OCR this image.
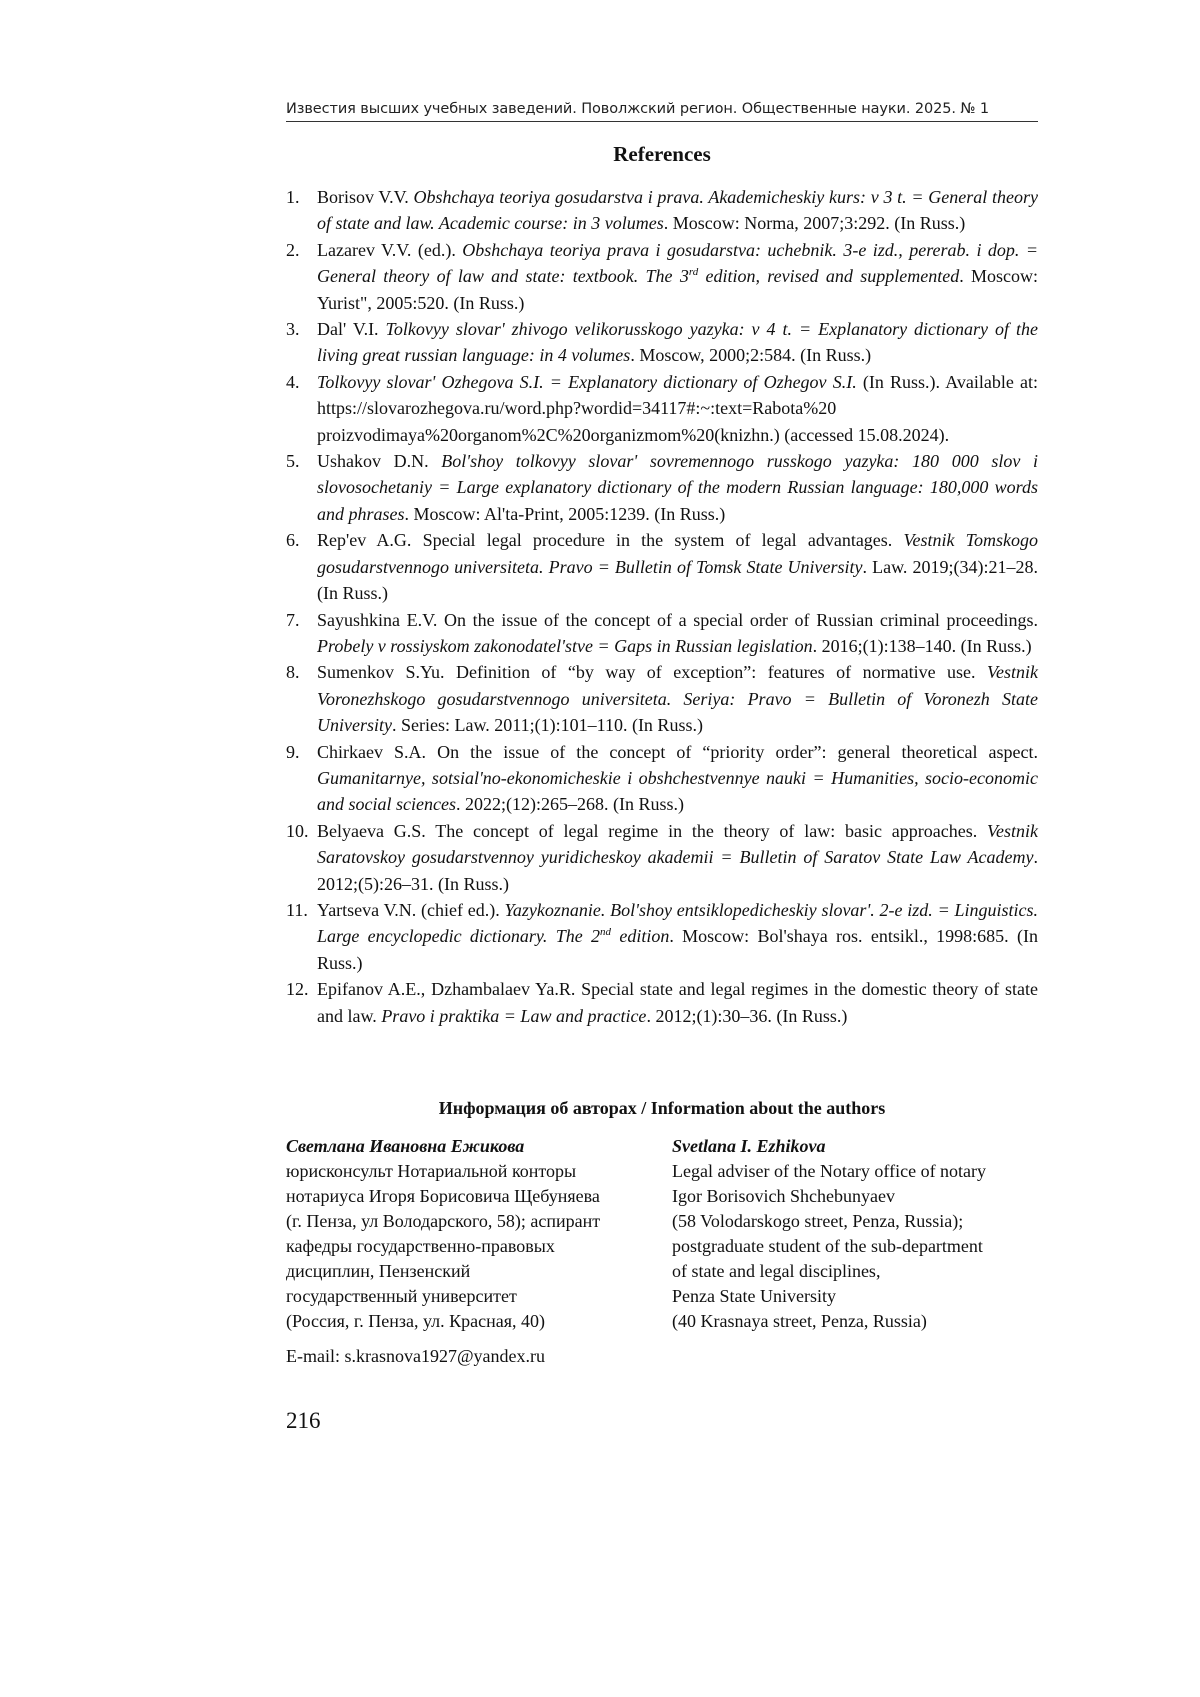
Известия высших учебных заведений. Поволжский регион. Общественные науки. 2025. № 1
References
1. Borisov V.V. Obshchaya teoriya gosudarstva i prava. Akademicheskiy kurs: v 3 t. = General theory of state and law. Academic course: in 3 volumes. Moscow: Norma, 2007;3:292. (In Russ.)
2. Lazarev V.V. (ed.). Obshchaya teoriya prava i gosudarstva: uchebnik. 3-e izd., pererab. i dop. = General theory of law and state: textbook. The 3rd edition, revised and supplemented. Moscow: Yurist", 2005:520. (In Russ.)
3. Dal' V.I. Tolkovyy slovar' zhivogo velikorusskogo yazyka: v 4 t. = Explanatory dictionary of the living great russian language: in 4 volumes. Moscow, 2000;2:584. (In Russ.)
4. Tolkovyy slovar' Ozhegova S.I. = Explanatory dictionary of Ozhegov S.I. (In Russ.). Available at: https://slovarozhegova.ru/word.php?wordid=34117#:~:text=Rabota%20 proizvodimaya%20organom%2C%20organizmom%20(knizhn.) (accessed 15.08.2024).
5. Ushakov D.N. Bol'shoy tolkovyy slovar' sovremennogo russkogo yazyka: 180 000 slov i slovosochetaniy = Large explanatory dictionary of the modern Russian language: 180,000 words and phrases. Moscow: Al'ta-Print, 2005:1239. (In Russ.)
6. Rep'ev A.G. Special legal procedure in the system of legal advantages. Vestnik Tomskogo gosudarstvennogo universiteta. Pravo = Bulletin of Tomsk State University. Law. 2019;(34):21–28. (In Russ.)
7. Sayushkina E.V. On the issue of the concept of a special order of Russian criminal proceedings. Probely v rossiyskom zakonodatel'stve = Gaps in Russian legislation. 2016;(1):138–140. (In Russ.)
8. Sumenkov S.Yu. Definition of “by way of exception”: features of normative use. Vestnik Voronezhskogo gosudarstvennogo universiteta. Seriya: Pravo = Bulletin of Voronezh State University. Series: Law. 2011;(1):101–110. (In Russ.)
9. Chirkaev S.A. On the issue of the concept of “priority order”: general theoretical aspect. Gumanitarnye, sotsial'no-ekonomicheskie i obshchestvennye nauki = Humanities, socio-economic and social sciences. 2022;(12):265–268. (In Russ.)
10. Belyaeva G.S. The concept of legal regime in the theory of law: basic approaches. Vestnik Saratovskoy gosudarstvennoy yuridicheskoy akademii = Bulletin of Saratov State Law Academy. 2012;(5):26–31. (In Russ.)
11. Yartseva V.N. (chief ed.). Yazykoznanie. Bol'shoy entsiklopedicheskiy slovar'. 2-e izd. = Linguistics. Large encyclopedic dictionary. The 2nd edition. Moscow: Bol'shaya ros. entsikl., 1998:685. (In Russ.)
12. Epifanov A.E., Dzhambalaev Ya.R. Special state and legal regimes in the domestic theory of state and law. Pravo i praktika = Law and practice. 2012;(1):30–36. (In Russ.)
Информация об авторах / Information about the authors
Светлана Ивановна Ежикова
юрисконсульт Нотариальной конторы
нотариуса Игоря Борисовича Щебуняева
(г. Пенза, ул Володарского, 58); аспирант
кафедры государственно-правовых
дисциплин, Пензенский
государственный университет
(Россия, г. Пенза, ул. Красная, 40)
Svetlana I. Ezhikova
Legal adviser of the Notary office of notary
Igor Borisovich Shchebunyaev
(58 Volodarskogo street, Penza, Russia);
postgraduate student of the sub-department
of state and legal disciplines,
Penza State University
(40 Krasnaya street, Penza, Russia)
E-mail: s.krasnova1927@yandex.ru
216
